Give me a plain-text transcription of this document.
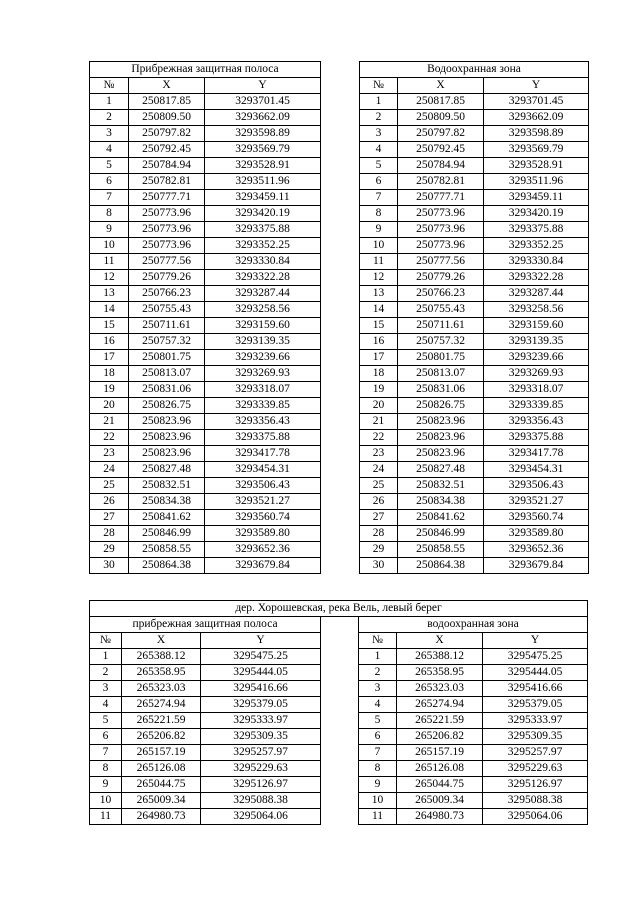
Прибрежная защитная полоса		
№	X	Y
1	250817.85	3293701.45
2	250809.50	3293662.09
3	250797.82	3293598.89
4	250792.45	3293569.79
5	250784.94	3293528.91
6	250782.81	3293511.96
7	250777.71	3293459.11
8	250773.96	3293420.19
9	250773.96	3293375.88
10	250773.96	3293352.25
11	250777.56	3293330.84
12	250779.26	3293322.28
13	250766.23	3293287.44
14	250755.43	3293258.56
15	250711.61	3293159.60
16	250757.32	3293139.35
17	250801.75	3293239.66
18	250813.07	3293269.93
19	250831.06	3293318.07
20	250826.75	3293339.85
21	250823.96	3293356.43
22	250823.96	3293375.88
23	250823.96	3293417.78
24	250827.48	3293454.31
25	250832.51	3293506.43
26	250834.38	3293521.27
27	250841.62	3293560.74
28	250846.99	3293589.80
29	250858.55	3293652.36
30	250864.38	3293679.84
Водоохранная зона		
№	X	Y
1	250817.85	3293701.45
2	250809.50	3293662.09
3	250797.82	3293598.89
4	250792.45	3293569.79
5	250784.94	3293528.91
6	250782.81	3293511.96
7	250777.71	3293459.11
8	250773.96	3293420.19
9	250773.96	3293375.88
10	250773.96	3293352.25
11	250777.56	3293330.84
12	250779.26	3293322.28
13	250766.23	3293287.44
14	250755.43	3293258.56
15	250711.61	3293159.60
16	250757.32	3293139.35
17	250801.75	3293239.66
18	250813.07	3293269.93
19	250831.06	3293318.07
20	250826.75	3293339.85
21	250823.96	3293356.43
22	250823.96	3293375.88
23	250823.96	3293417.78
24	250827.48	3293454.31
25	250832.51	3293506.43
26	250834.38	3293521.27
27	250841.62	3293560.74
28	250846.99	3293589.80
29	250858.55	3293652.36
30	250864.38	3293679.84
дер. Хорошевская, река Вель, левый берег						
прибрежная защитная полоса				водоохранная зона		
№	X	Y		№	X	Y
1	265388.12	3295475.25		1	265388.12	3295475.25
2	265358.95	3295444.05		2	265358.95	3295444.05
3	265323.03	3295416.66		3	265323.03	3295416.66
4	265274.94	3295379.05		4	265274.94	3295379.05
5	265221.59	3295333.97		5	265221.59	3295333.97
6	265206.82	3295309.35		6	265206.82	3295309.35
7	265157.19	3295257.97		7	265157.19	3295257.97
8	265126.08	3295229.63		8	265126.08	3295229.63
9	265044.75	3295126.97		9	265044.75	3295126.97
10	265009.34	3295088.38		10	265009.34	3295088.38
11	264980.73	3295064.06		11	264980.73	3295064.06
